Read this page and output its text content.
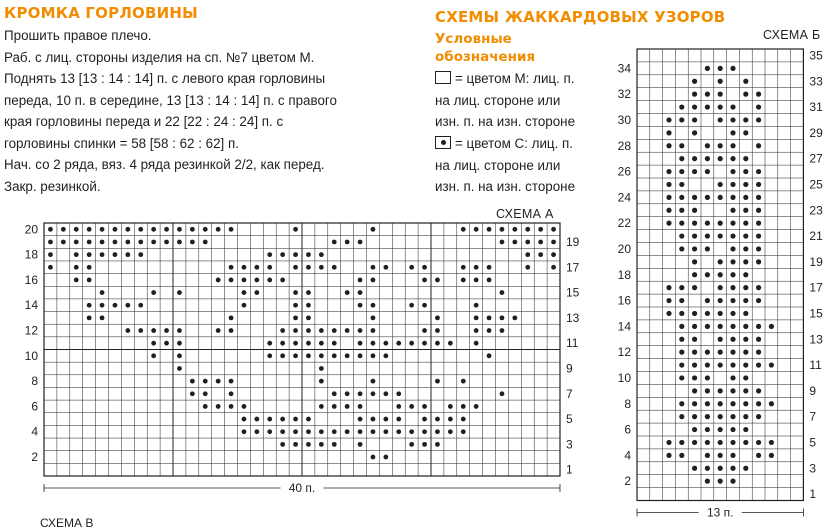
КРОМКА ГОРЛОВИНЫ
Прошить правое плечо.
Раб. с лиц. стороны изделия на сп. №7 цветом М.
Поднять 13 [13 : 14 : 14] п. с левого края горловины
переда, 10 п. в середине, 13 [13 : 14 : 14] п. с правого
края горловины переда и 22 [22 : 24 : 24] п. с
горловины спинки = 58 [58 : 62 : 62] п.
Нач. со 2 ряда, вяз. 4 ряда резинкой 2/2, как перед.
Закр. резинкой.
СХЕМЫ ЖАККАРДОВЫХ УЗОРОВ
Условные
обозначения
= цветом М: лиц. п.
на лиц. стороне или
изн. п. на изн. стороне
= цветом С: лиц. п.
на лиц. стороне или
изн. п. на изн. стороне
СХЕМА А
20
18
16
14
12
10
8
6
4
2
19
17
15
13
11
9
7
5
3
1
40 п.
СХЕМА Б
34
32
30
28
26
24
22
20
18
16
14
12
10
8
6
4
2
35
33
31
29
27
25
23
21
19
17
15
13
11
9
7
5
3
1
13 п.
СХЕМА В
